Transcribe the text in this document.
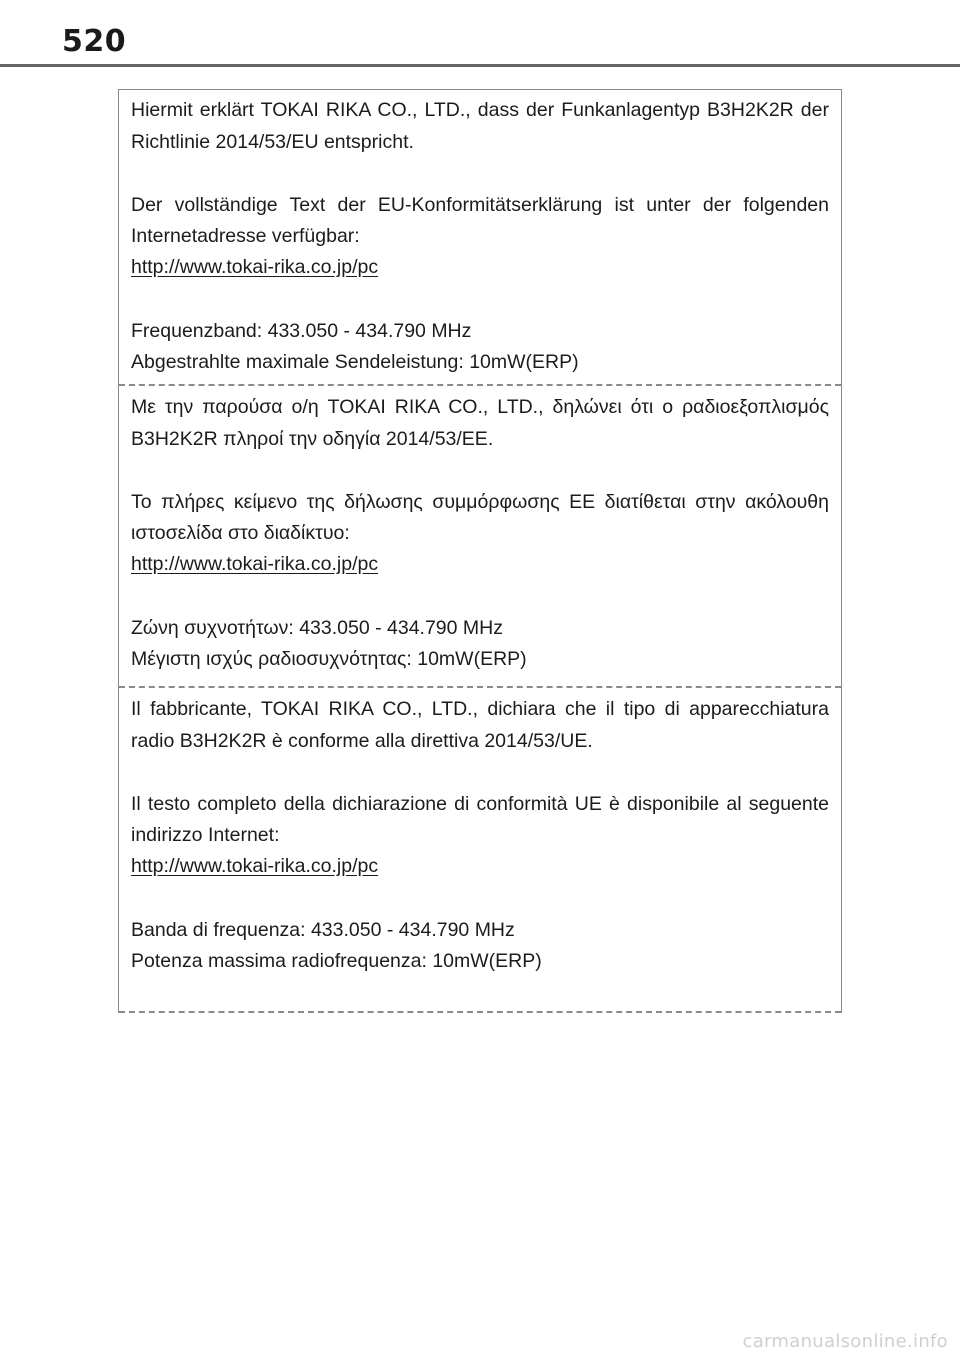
520

Hiermit erklärt TOKAI RIKA CO., LTD., dass der Funkanlagentyp B3H2K2R der Richtlinie 2014/53/EU entspricht.

Der vollständige Text der EU-Konformitätserklärung ist unter der folgenden Internetadresse verfügbar:

http://www.tokai-rika.co.jp/pc

Frequenzband: 433.050 - 434.790 MHz

Abgestrahlte maximale Sendeleistung: 10mW(ERP)

Με την παρούσα ο/η TOKAI RIKA CO., LTD., δηλώνει ότι ο ραδιοεξοπλισμός B3H2K2R πληροί την οδηγία 2014/53/ΕΕ.

Το πλήρες κείμενο της δήλωσης συμμόρφωσης ΕΕ διατίθεται στην ακόλουθη ιστοσελίδα στο διαδίκτυο:

http://www.tokai-rika.co.jp/pc

Ζώνη συχνοτήτων: 433.050 - 434.790 MHz

Μέγιστη ισχύς ραδιοσυχνότητας: 10mW(ERP)

Il fabbricante, TOKAI RIKA CO., LTD., dichiara che il tipo di apparecchiatura radio B3H2K2R è conforme alla direttiva 2014/53/UE.

Il testo completo della dichiarazione di conformità UE è disponibile al seguente indirizzo Internet:

http://www.tokai-rika.co.jp/pc

Banda di frequenza: 433.050 - 434.790 MHz

Potenza massima radiofrequenza: 10mW(ERP)

carmanualsonline.info
